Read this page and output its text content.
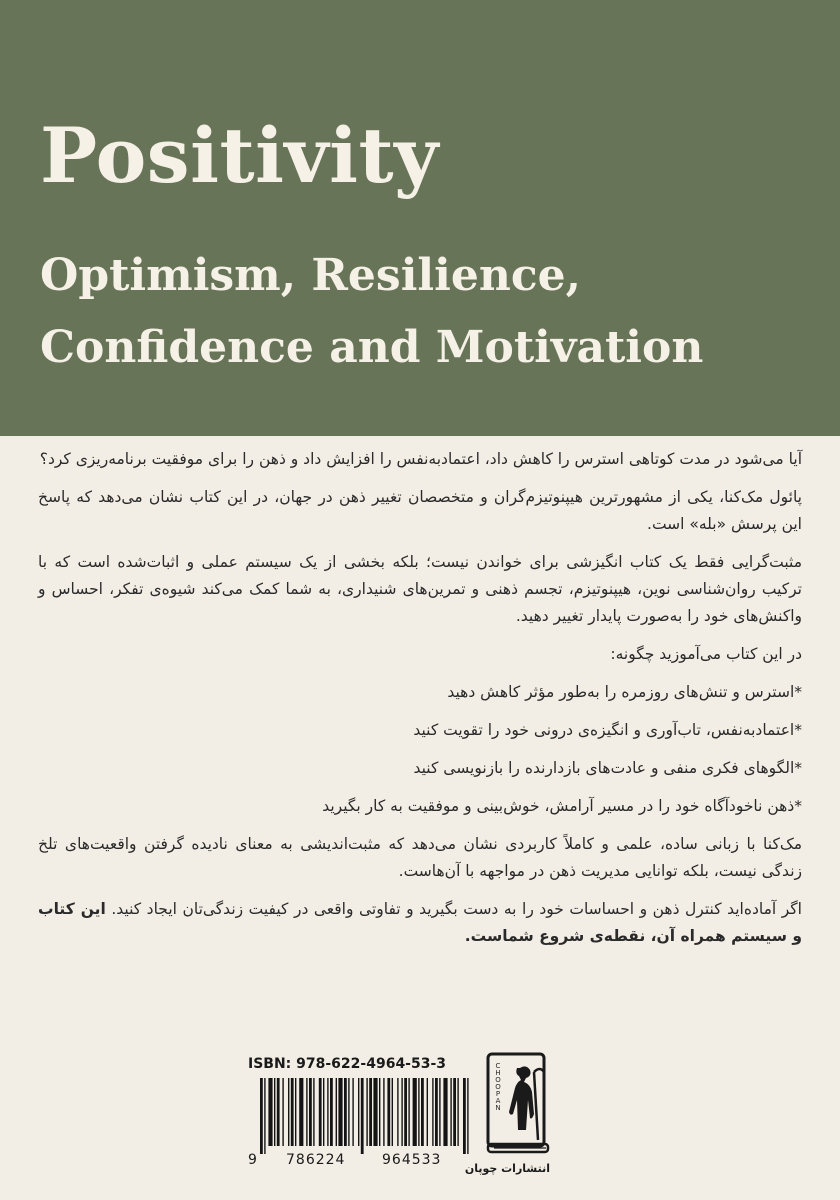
Positivity
Optimism, Resilience,
Confidence and Motivation

آیا می‌شود در مدت کوتاهی استرس را کاهش داد، اعتمادبه‌نفس را افزایش داد و ذهن را برای موفقیت برنامه‌ریزی کرد؟

پائول مک‌کنا، یکی از مشهورترین هیپنوتیزم‌گران و متخصصان تغییر ذهن در جهان، در این کتاب نشان می‌دهد که پاسخ این پرسش «بله» است.

مثبت‌گرایی فقط یک کتاب انگیزشی برای خواندن نیست؛ بلکه بخشی از یک سیستم عملی و اثبات‌شده است که با ترکیب روان‌شناسی نوین، هیپنوتیزم، تجسم ذهنی و تمرین‌های شنیداری، به شما کمک می‌کند شیوه‌ی تفکر، احساس و واکنش‌های خود را به‌صورت پایدار تغییر دهید.

در این کتاب می‌آموزید چگونه:

*استرس و تنش‌های روزمره را به‌طور مؤثر کاهش دهید
*اعتمادبه‌نفس، تاب‌آوری و انگیزه‌ی درونی خود را تقویت کنید
*الگوهای فکری منفی و عادت‌های بازدارنده را بازنویسی کنید
*ذهن ناخودآگاه خود را در مسیر آرامش، خوش‌بینی و موفقیت به کار بگیرید

مک‌کنا با زبانی ساده، علمی و کاملاً کاربردی نشان می‌دهد که مثبت‌اندیشی به معنای نادیده گرفتن واقعیت‌های تلخ زندگی نیست، بلکه توانایی مدیریت ذهن در مواجهه با آن‌هاست.

اگر آماده‌اید کنترل ذهن و احساسات خود را به دست بگیرید و تفاوتی واقعی در کیفیت زندگی‌تان ایجاد کنید. این کتاب و سیستم همراه آن، نقطه‌ی شروع شماست.

ISBN: 978-622-4964-53-3
9 786224	964533
CHOOPAN
انتشارات چوپان
